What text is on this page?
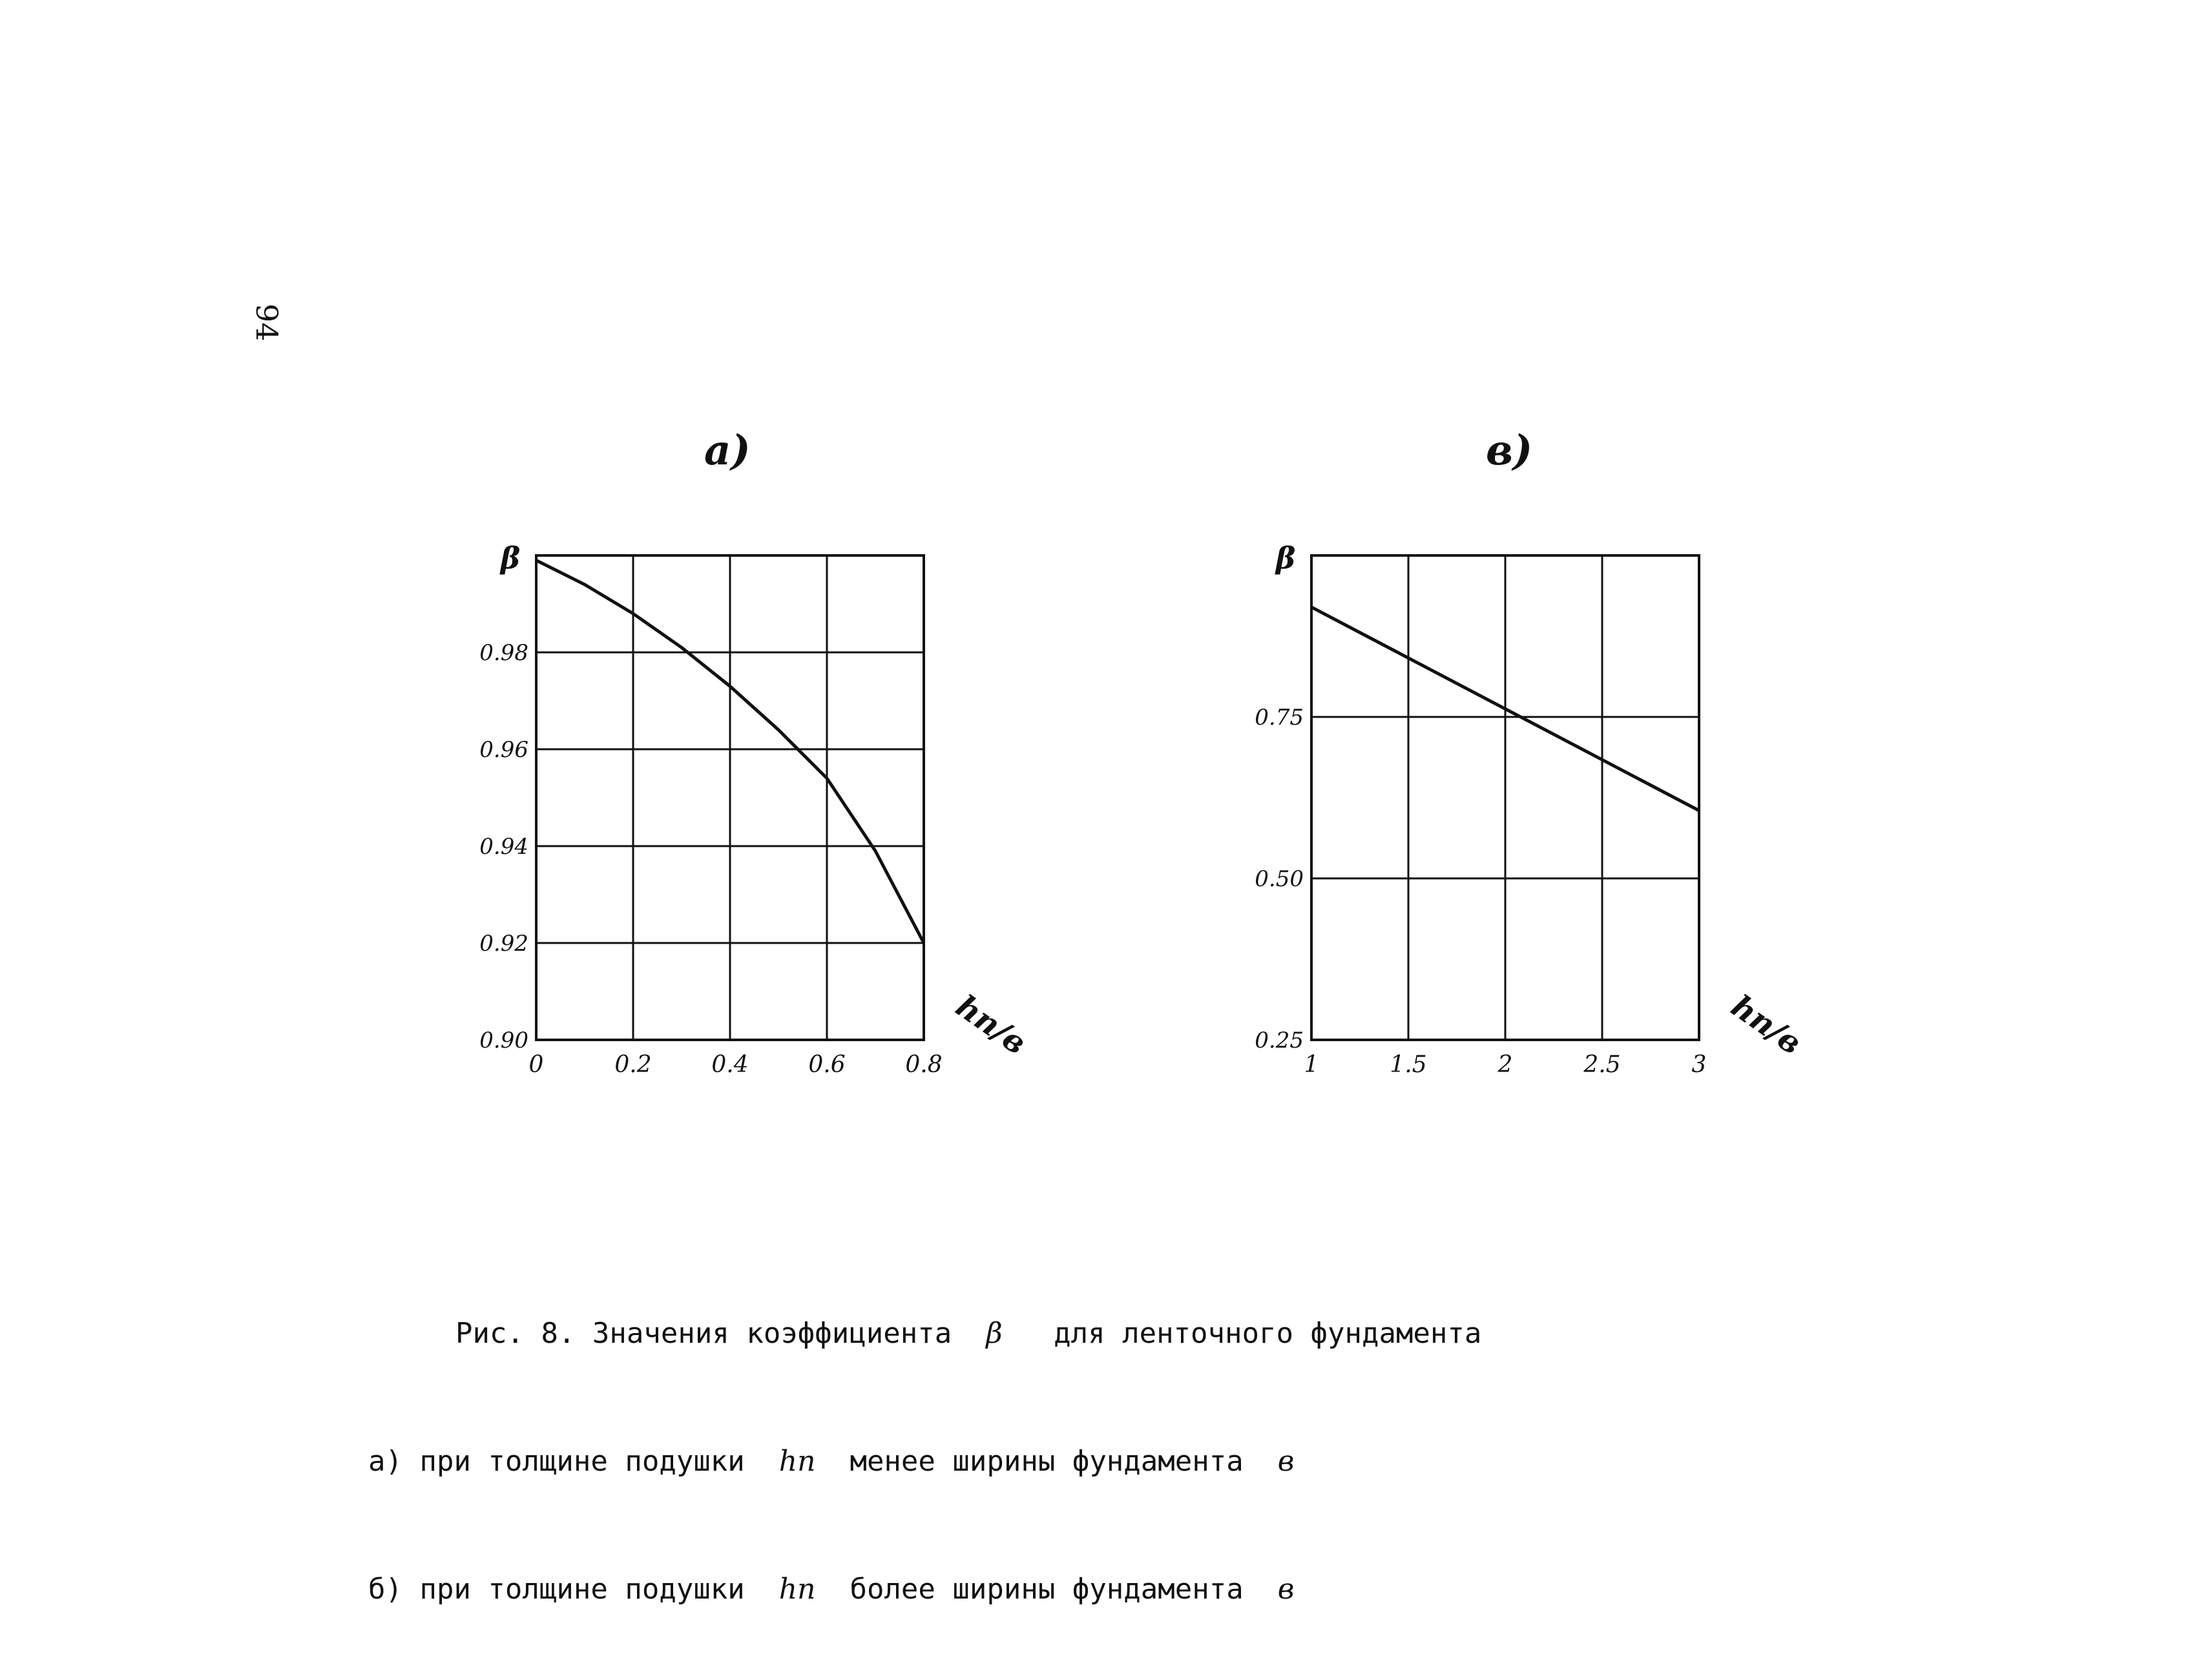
94
а)	в)
0	0.2	0.4	0.6	0.8
0.90
0.92
0.94
0.96
0.98
β
hп/в
1	1.5	2	2.5	3
0.25
0.50
0.75
β
hп/в

Рис. 8. Значения коэффициента β для ленточного фундамента

а) при толщине подушки hп менее ширины фундамента в

б) при толщине подушки hп более ширины фундамента в
